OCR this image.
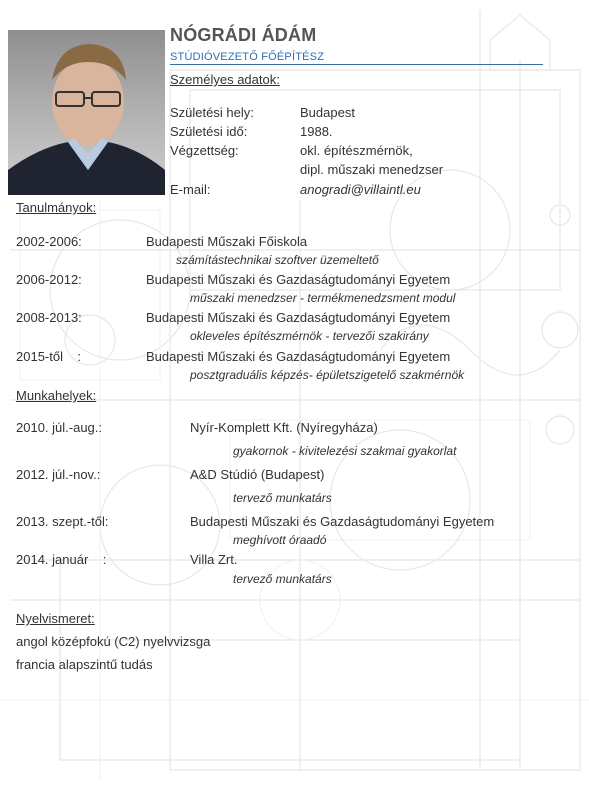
NÓGRÁDI ÁDÁM
STÚDIÓVEZETŐ FŐÉPÍTÉSZ
Személyes adatok:
Születési hely:	Budapest
Születési idő:	1988.
Végzettség:	okl. építészmérnök,
dipl. műszaki menedzser
E-mail:	anogradi@villaintl.eu
Tanulmányok:
2002-2006:	Budapesti Műszaki Főiskola
számítástechnikai szoftver üzemeltető
2006-2012:	Budapesti Műszaki és Gazdaságtudományi Egyetem
műszaki menedzser - termékmenedzsment modul
2008-2013:	Budapesti Műszaki és Gazdaságtudományi Egyetem
okleveles építészmérnök - tervezői szakirány
2015-től    :	Budapesti Műszaki és Gazdaságtudományi Egyetem
posztgraduális képzés- épületszigetelő szakmérnök
Munkahelyek:
2010. júl.-aug.:	Nyír-Komplett Kft. (Nyíregyháza)
gyakornok - kivitelezési szakmai gyakorlat
2012. júl.-nov.:	A&D Stúdió (Budapest)
tervező munkatárs
2013. szept.-től:	Budapesti Műszaki és Gazdaságtudományi Egyetem
meghívott óraadó
2014. január    :	Villa Zrt.
tervező munkatárs
Nyelvismeret:
angol középfokú (C2) nyelvvizsga
francia alapszintű tudás
